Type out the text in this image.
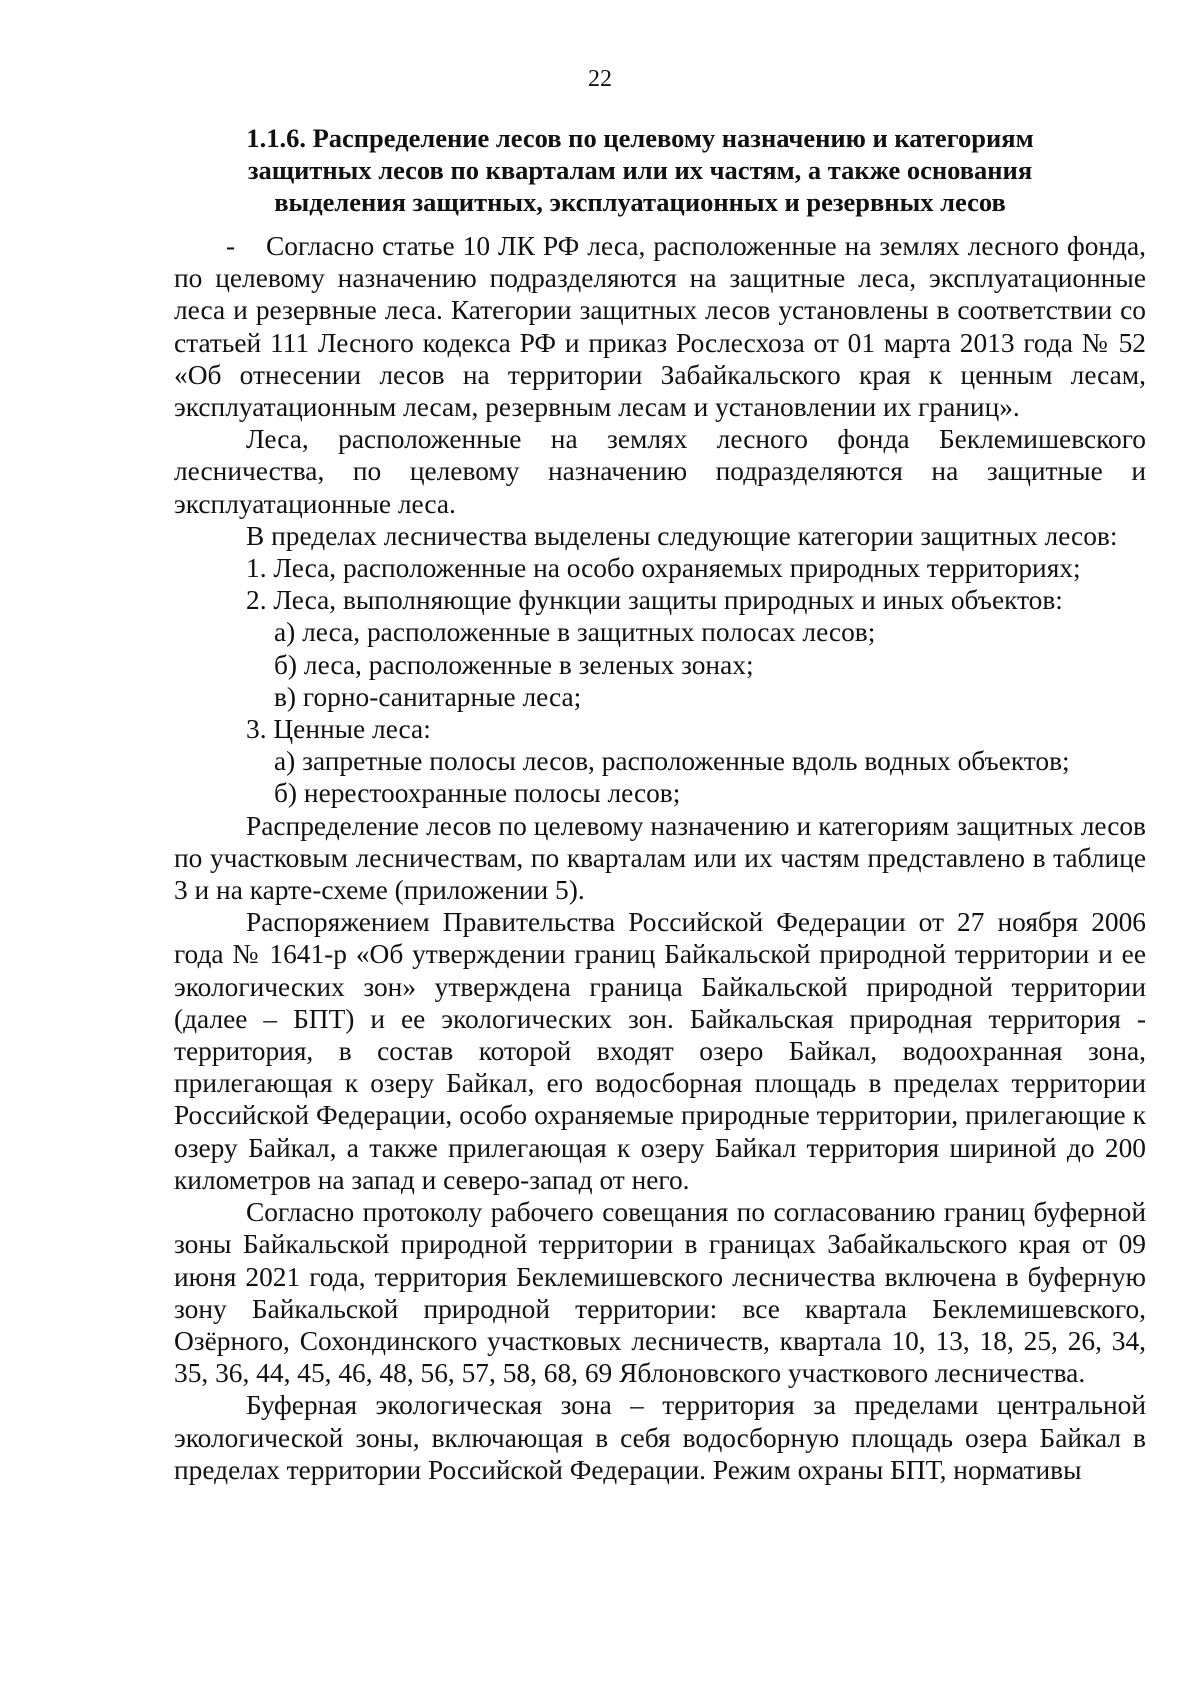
22
1.1.6. Распределение лесов по целевому назначению и категориям
защитных лесов по кварталам или их частям, а также основания
выделения защитных, эксплуатационных и резервных лесов

- Согласно статье 10 ЛК РФ леса, расположенные на землях лесного фонда, по целевому назначению подразделяются на защитные леса, эксплуатационные леса и резервные леса. Категории защитных лесов установлены в соответствии со статьей 111 Лесного кодекса РФ и приказ Рослесхоза от 01 марта 2013 года № 52 «Об отнесении лесов на территории Забайкальского края к ценным лесам, эксплуатационным лесам, резервным лесам и установлении их границ».

Леса, расположенные на землях лесного фонда Беклемишевского лесничества, по целевому назначению подразделяются на защитные и эксплуатационные леса.

В пределах лесничества выделены следующие категории защитных лесов:
1. Леса, расположенные на особо охраняемых природных территориях;
2. Леса, выполняющие функции защиты природных и иных объектов:
а) леса, расположенные в защитных полосах лесов;
б) леса, расположенные в зеленых зонах;
в) горно-санитарные леса;
3. Ценные леса:
а) запретные полосы лесов, расположенные вдоль водных объектов;
б) нерестоохранные полосы лесов;

Распределение лесов по целевому назначению и категориям защитных лесов по участковым лесничествам, по кварталам или их частям представлено в таблице 3 и на карте-схеме (приложении 5).

Распоряжением Правительства Российской Федерации от 27 ноября 2006 года № 1641-р «Об утверждении границ Байкальской природной территории и ее экологических зон» утверждена граница Байкальской природной территории (далее – БПТ) и ее экологических зон. Байкальская природная территория - территория, в состав которой входят озеро Байкал, водоохранная зона, прилегающая к озеру Байкал, его водосборная площадь в пределах территории Российской Федерации, особо охраняемые природные территории, прилегающие к озеру Байкал, а также прилегающая к озеру Байкал территория шириной до 200 километров на запад и северо-запад от него.

Согласно протоколу рабочего совещания по согласованию границ буферной зоны Байкальской природной территории в границах Забайкальского края от 09 июня 2021 года, территория Беклемишевского лесничества включена в буферную зону Байкальской природной территории: все квартала Беклемишевского, Озёрного, Сохондинского участковых лесничеств, квартала 10, 13, 18, 25, 26, 34, 35, 36, 44, 45, 46, 48, 56, 57, 58, 68, 69 Яблоновского участкового лесничества.

Буферная экологическая зона – территория за пределами центральной экологической зоны, включающая в себя водосборную площадь озера Байкал в пределах территории Российской Федерации. Режим охраны БПТ, нормативы
